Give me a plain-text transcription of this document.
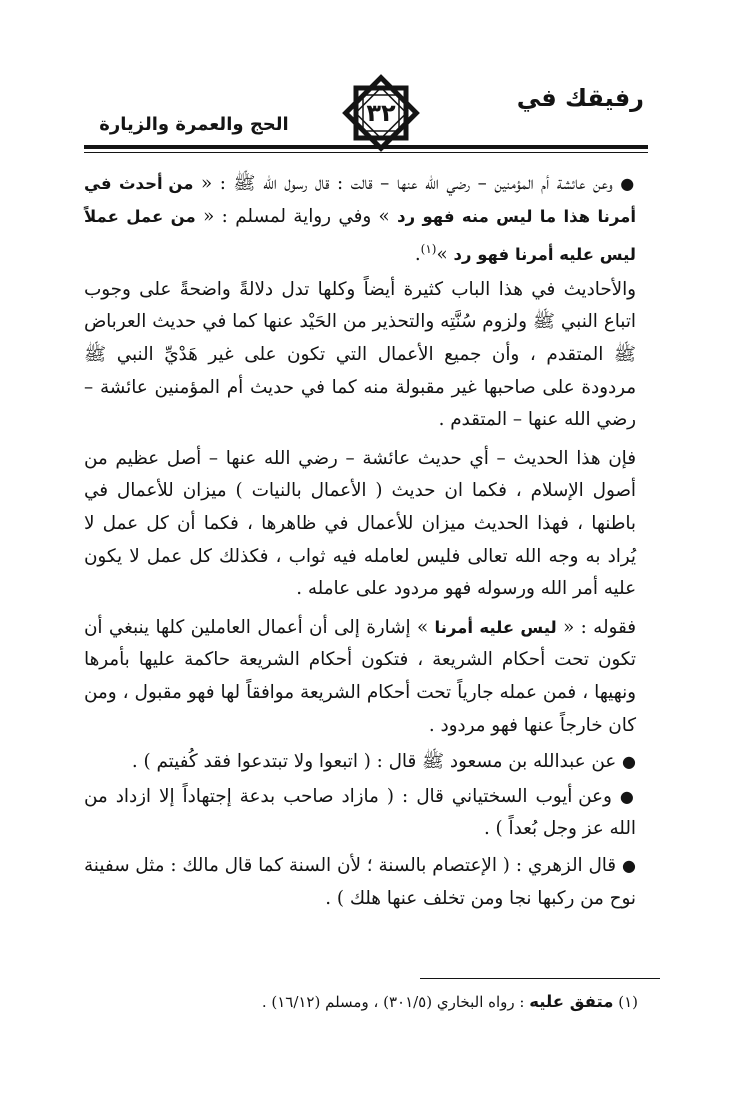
رفيقك في
٣٢
الحج والعمرة والزيارة

● وعن عائشة أم المؤمنين – رضي الله عنها – قالت : قال رسول الله ﷺ : « من أحدث في أمرنا هذا ما ليس منه فهو رد » وفي رواية لمسلم : « من عمل عملاً ليس عليه أمرنا فهو رد »$^{(١)}$.

والأحاديث في هذا الباب كثيرة أيضاً وكلها تدل دلالةً واضحةً على وجوب اتباع النبي ﷺ ولزوم سُنَّتِه والتحذير من الحَيْد عنها كما في حديث العرباض ﷺ المتقدم ، وأن جميع الأعمال التي تكون على غير هَدْيِّ النبي ﷺ مردودة على صاحبها غير مقبولة منه كما في حديث أم المؤمنين عائشة – رضي الله عنها – المتقدم .

فإن هذا الحديث – أي حديث عائشة – رضي الله عنها – أصل عظيم من أصول الإسلام ، فكما ان حديث ( الأعمال بالنيات ) ميزان للأعمال في باطنها ، فهذا الحديث ميزان للأعمال في ظاهرها ، فكما أن كل عمل لا يُراد به وجه الله تعالى فليس لعامله فيه ثواب ، فكذلك كل عمل لا يكون عليه أمر الله ورسوله فهو مردود على عامله .

فقوله : « ليس عليه أمرنا » إشارة إلى أن أعمال العاملين كلها ينبغي أن تكون تحت أحكام الشريعة ، فتكون أحكام الشريعة حاكمة عليها بأمرها ونهيها ، فمن عمله جارياً تحت أحكام الشريعة موافقاً لها فهو مقبول ، ومن كان خارجاً عنها فهو مردود .

● عن عبدالله بن مسعود ﷺ قال : ( اتبعوا ولا تبتدعوا فقد كُفيتم ) .

● وعن أيوب السختياني قال : ( مازاد صاحب بدعة إجتهاداً إلا ازداد من الله عز وجل بُعداً ) .

● قال الزهري : ( الإعتصام بالسنة ؛ لأن السنة كما قال مالك : مثل سفينة نوح من ركبها نجا ومن تخلف عنها هلك ) .

(١) متفق عليه : رواه البخاري (٣٠١/٥) ، ومسلم (١٦/١٢) .
